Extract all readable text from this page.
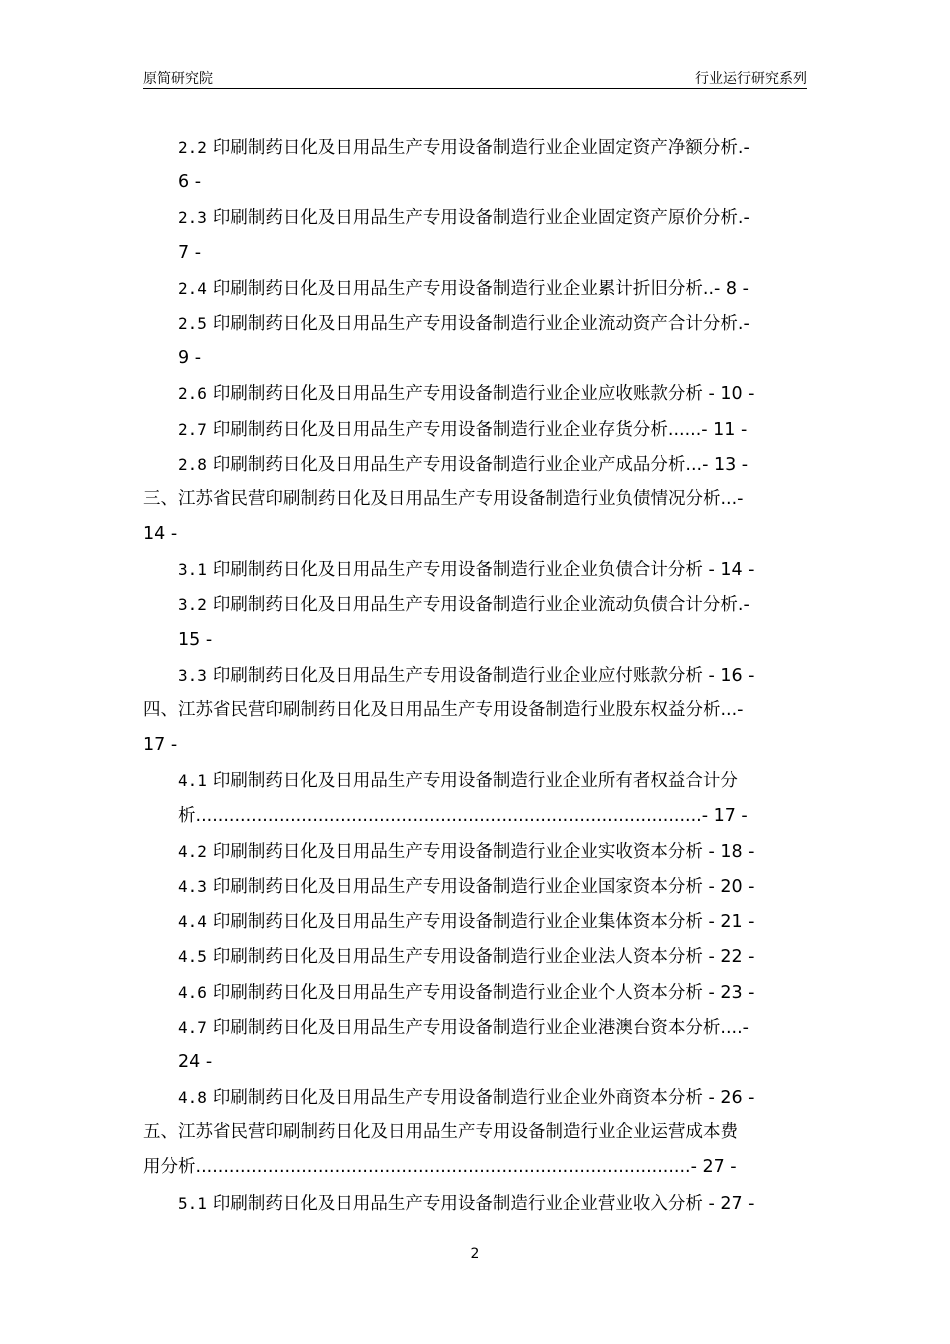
原简研究院	行业运行研究系列
2.2 印刷制药日化及日用品生产专用设备制造行业企业固定资产净额分析.-
6 -
2.3 印刷制药日化及日用品生产专用设备制造行业企业固定资产原价分析.-
7 -
2.4 印刷制药日化及日用品生产专用设备制造行业企业累计折旧分析..- 8 -
2.5 印刷制药日化及日用品生产专用设备制造行业企业流动资产合计分析.-
9 -
2.6 印刷制药日化及日用品生产专用设备制造行业企业应收账款分析 - 10 -
2.7 印刷制药日化及日用品生产专用设备制造行业企业存货分析......- 11 -
2.8 印刷制药日化及日用品生产专用设备制造行业企业产成品分析...- 13 -
三、江苏省民营印刷制药日化及日用品生产专用设备制造行业负债情况分析...-
14 -
3.1 印刷制药日化及日用品生产专用设备制造行业企业负债合计分析 - 14 -
3.2 印刷制药日化及日用品生产专用设备制造行业企业流动负债合计分析.-
15 -
3.3 印刷制药日化及日用品生产专用设备制造行业企业应付账款分析 - 16 -
四、江苏省民营印刷制药日化及日用品生产专用设备制造行业股东权益分析...-
17 -
4.1 印刷制药日化及日用品生产专用设备制造行业企业所有者权益合计分
析...........................................................................................- 17 -
4.2 印刷制药日化及日用品生产专用设备制造行业企业实收资本分析 - 18 -
4.3 印刷制药日化及日用品生产专用设备制造行业企业国家资本分析 - 20 -
4.4 印刷制药日化及日用品生产专用设备制造行业企业集体资本分析 - 21 -
4.5 印刷制药日化及日用品生产专用设备制造行业企业法人资本分析 - 22 -
4.6 印刷制药日化及日用品生产专用设备制造行业企业个人资本分析 - 23 -
4.7 印刷制药日化及日用品生产专用设备制造行业企业港澳台资本分析....-
24 -
4.8 印刷制药日化及日用品生产专用设备制造行业企业外商资本分析 - 26 -
五、江苏省民营印刷制药日化及日用品生产专用设备制造行业企业运营成本费
用分析.........................................................................................- 27 -
5.1 印刷制药日化及日用品生产专用设备制造行业企业营业收入分析 - 27 -
2
